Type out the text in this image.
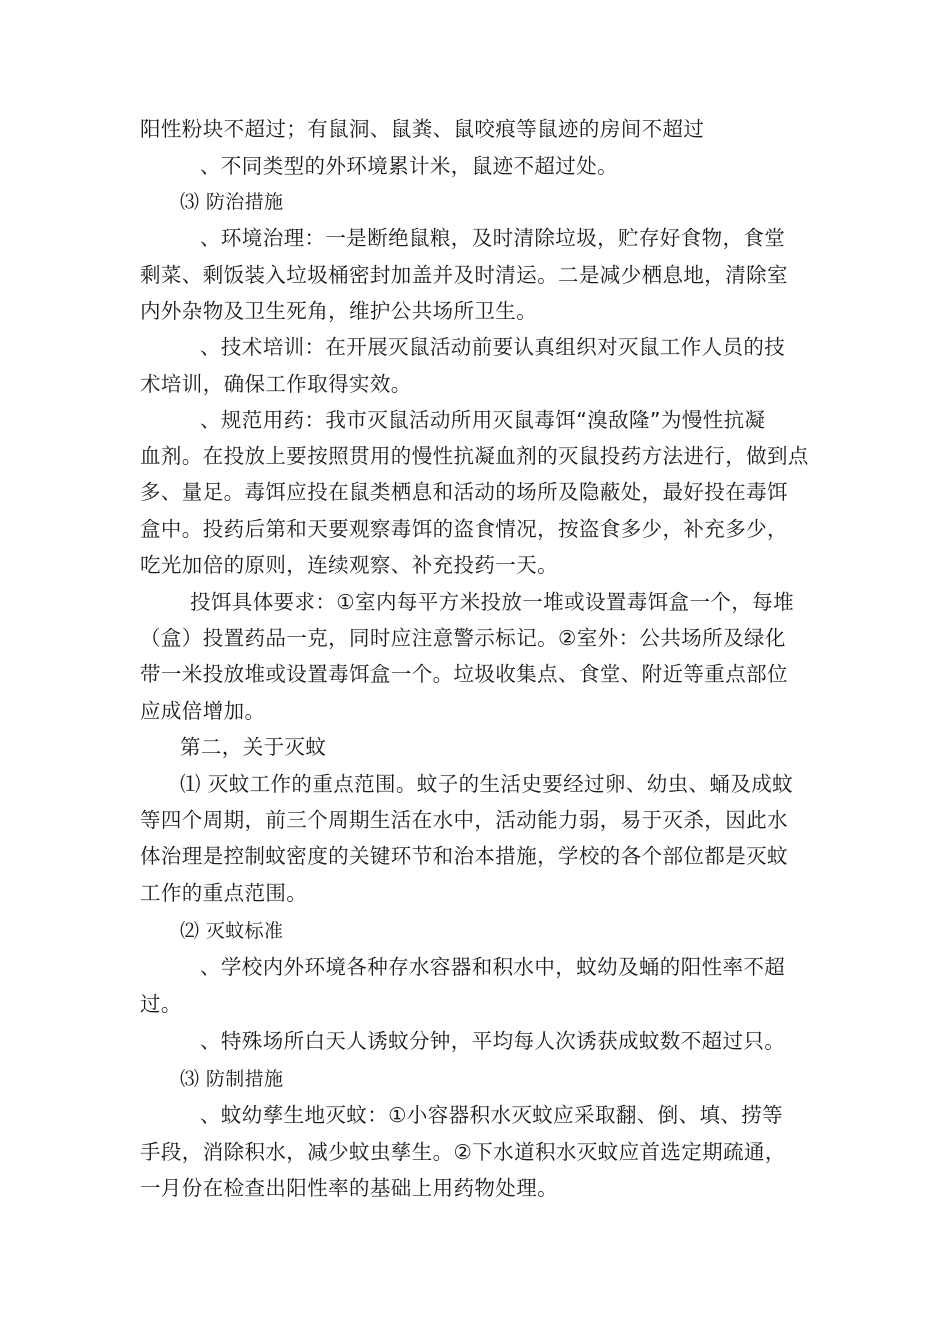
阳性粉块不超过；有鼠洞、鼠粪、鼠咬痕等鼠迹的房间不超过
、不同类型的外环境累计米，鼠迹不超过处。
⑶ 防治措施
、环境治理：一是断绝鼠粮，及时清除垃圾，贮存好食物，食堂
剩菜、剩饭装入垃圾桶密封加盖并及时清运。二是减少栖息地，清除室
内外杂物及卫生死角，维护公共场所卫生。
、技术培训：在开展灭鼠活动前要认真组织对灭鼠工作人员的技
术培训，确保工作取得实效。
、规范用药：我市灭鼠活动所用灭鼠毒饵“溴敌隆”为慢性抗凝
血剂。在投放上要按照贯用的慢性抗凝血剂的灭鼠投药方法进行，做到点
多、量足。毒饵应投在鼠类栖息和活动的场所及隐蔽处，最好投在毒饵
盒中。投药后第和天要观察毒饵的盗食情况，按盗食多少，补充多少，
吃光加倍的原则，连续观察、补充投药一天。
投饵具体要求：①室内每平方米投放一堆或设置毒饵盒一个，每堆
（盒）投置药品一克，同时应注意警示标记。②室外：公共场所及绿化
带一米投放堆或设置毒饵盒一个。垃圾收集点、食堂、附近等重点部位
应成倍增加。
第二，关于灭蚊
⑴ 灭蚊工作的重点范围。蚊子的生活史要经过卵、幼虫、蛹及成蚊
等四个周期，前三个周期生活在水中，活动能力弱，易于灭杀，因此水
体治理是控制蚊密度的关键环节和治本措施，学校的各个部位都是灭蚊
工作的重点范围。
⑵ 灭蚊标准
、学校内外环境各种存水容器和积水中，蚊幼及蛹的阳性率不超
过。
、特殊场所白天人诱蚊分钟，平均每人次诱获成蚊数不超过只。
⑶ 防制措施
、蚊幼孳生地灭蚊：①小容器积水灭蚊应采取翻、倒、填、捞等
手段，消除积水，减少蚊虫孳生。②下水道积水灭蚊应首选定期疏通，
一月份在检查出阳性率的基础上用药物处理。
